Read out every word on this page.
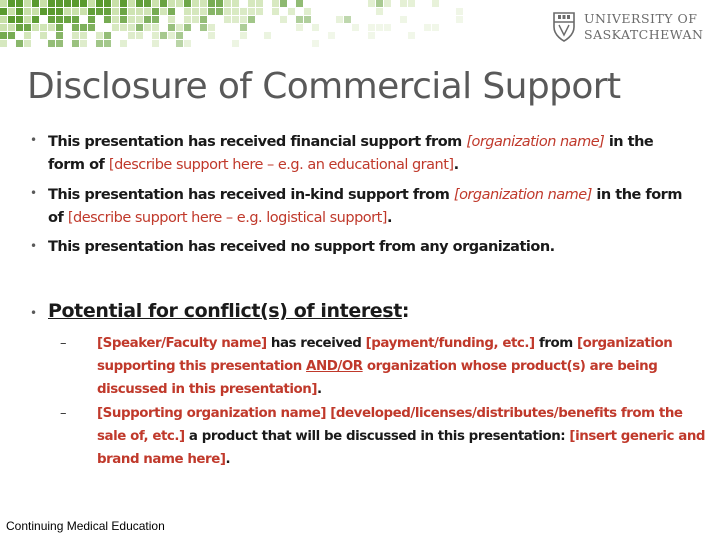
UNIVERSITY OF
SASKATCHEWAN
Disclosure of Commercial Support
• This presentation has received financial support from [organization name] in the form of [describe support here – e.g. an educational grant].

• This presentation has received in-kind support from [organization name] in the form of [describe support here – e.g. logistical support].

• This presentation has received no support from any organization.

• Potential for conflict(s) of interest:
– [Speaker/Faculty name] has received [payment/funding, etc.] from [organization supporting this presentation AND/OR organization whose product(s) are being discussed in this presentation].

– [Supporting organization name] [developed/licenses/distributes/benefits from the sale of, etc.] a product that will be discussed in this presentation: [insert generic and brand name here].

Continuing Medical Education
